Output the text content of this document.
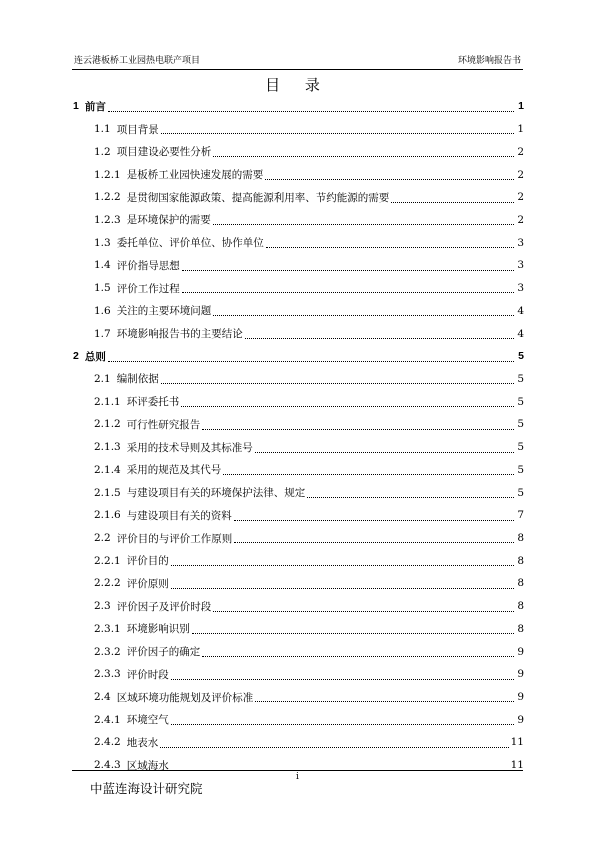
连云港板桥工业园热电联产项目	环境影响报告书
目 录
1 前言	1
1.1 项目背景	1
1.2 项目建设必要性分析	2
1.2.1 是板桥工业园快速发展的需要	2
1.2.2 是贯彻国家能源政策、提高能源利用率、节约能源的需要	2
1.2.3 是环境保护的需要	2
1.3 委托单位、评价单位、协作单位	3
1.4 评价指导思想	3
1.5 评价工作过程	3
1.6 关注的主要环境问题	4
1.7 环境影响报告书的主要结论	4
2 总则	5
2.1 编制依据	5
2.1.1 环评委托书	5
2.1.2 可行性研究报告	5
2.1.3 采用的技术导则及其标准号	5
2.1.4 采用的规范及其代号	5
2.1.5 与建设项目有关的环境保护法律、规定	5
2.1.6 与建设项目有关的资料	7
2.2 评价目的与评价工作原则	8
2.2.1 评价目的	8
2.2.2 评价原则	8
2.3 评价因子及评价时段	8
2.3.1 环境影响识别	8
2.3.2 评价因子的确定	9
2.3.3 评价时段	9
2.4 区域环境功能规划及评价标准	9
2.4.1 环境空气	9
2.4.2 地表水	11
2.4.3 区域海水	11
i
中蓝连海设计研究院
